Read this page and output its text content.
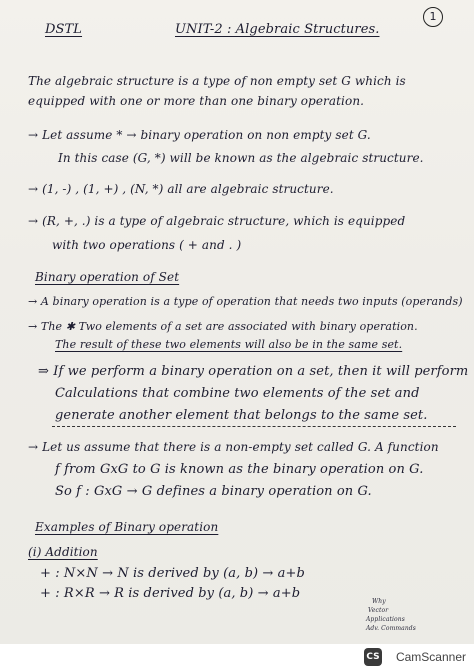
DSTL	UNIT-2 : Algebraic Structures.
1
The algebraic structure is a type of non empty set G which is
equipped with one or more than one binary operation.
→ Let assume * → binary operation on non empty set G.
In this case (G, *) will be known as the algebraic structure.
→ (1, -) , (1, +) , (N, *) all are algebraic structure.
→ (R, +, .) is a type of algebraic structure, which is equipped
with two operations ( + and . )
Binary operation of Set
→ A binary operation is a type of operation that needs two inputs (operands)
→ The ✱ Two elements of a set are associated with binary operation.
The result of these two elements will also be in the same set.
⇒ If we perform a binary operation on a set, then it will perform
Calculations that combine two elements of the set and
generate another element that belongs to the same set.
→ Let us assume that there is a non-empty set called G. A function
f from GxG to G is known as the binary operation on G.
So f : GxG → G defines a binary operation on G.
Examples of Binary operation
(i) Addition
+ : N×N → N is derived by (a, b) → a+b
+ : R×R → R is derived by (a, b) → a+b
Why
Vector
Applications
Adv. Commands
CS CamScanner
